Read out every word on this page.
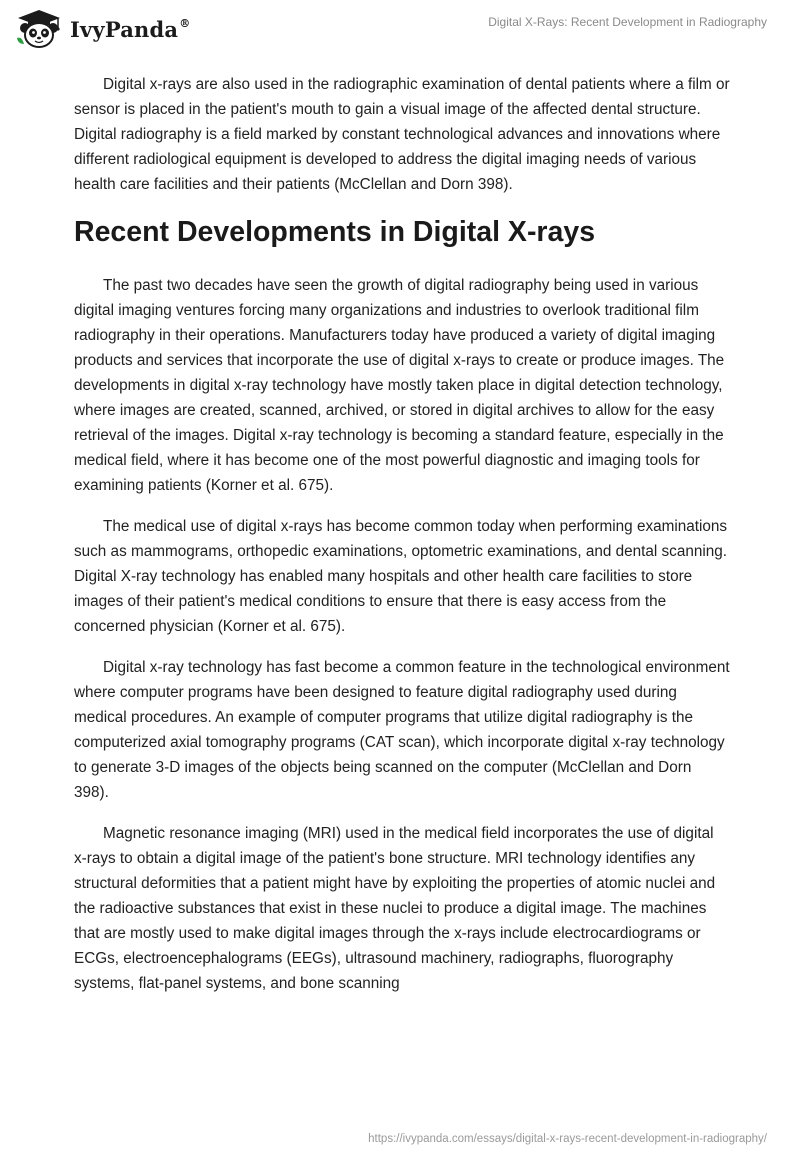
IvyPanda®	Digital X-Rays: Recent Development in Radiography

Digital x-rays are also used in the radiographic examination of dental patients where a film or sensor is placed in the patient's mouth to gain a visual image of the affected dental structure. Digital radiography is a field marked by constant technological advances and innovations where different radiological equipment is developed to address the digital imaging needs of various health care facilities and their patients (McClellan and Dorn 398).

Recent Developments in Digital X-rays

The past two decades have seen the growth of digital radiography being used in various digital imaging ventures forcing many organizations and industries to overlook traditional film radiography in their operations. Manufacturers today have produced a variety of digital imaging products and services that incorporate the use of digital x-rays to create or produce images. The developments in digital x-ray technology have mostly taken place in digital detection technology, where images are created, scanned, archived, or stored in digital archives to allow for the easy retrieval of the images. Digital x-ray technology is becoming a standard feature, especially in the medical field, where it has become one of the most powerful diagnostic and imaging tools for examining patients (Korner et al. 675).

The medical use of digital x-rays has become common today when performing examinations such as mammograms, orthopedic examinations, optometric examinations, and dental scanning. Digital X-ray technology has enabled many hospitals and other health care facilities to store images of their patient's medical conditions to ensure that there is easy access from the concerned physician (Korner et al. 675).

Digital x-ray technology has fast become a common feature in the technological environment where computer programs have been designed to feature digital radiography used during medical procedures. An example of computer programs that utilize digital radiography is the computerized axial tomography programs (CAT scan), which incorporate digital x-ray technology to generate 3-D images of the objects being scanned on the computer (McClellan and Dorn 398).

Magnetic resonance imaging (MRI) used in the medical field incorporates the use of digital x-rays to obtain a digital image of the patient's bone structure. MRI technology identifies any structural deformities that a patient might have by exploiting the properties of atomic nuclei and the radioactive substances that exist in these nuclei to produce a digital image. The machines that are mostly used to make digital images through the x-rays include electrocardiograms or ECGs, electroencephalograms (EEGs), ultrasound machinery, radiographs, fluorography systems, flat-panel systems, and bone scanning

https://ivypanda.com/essays/digital-x-rays-recent-development-in-radiography/
